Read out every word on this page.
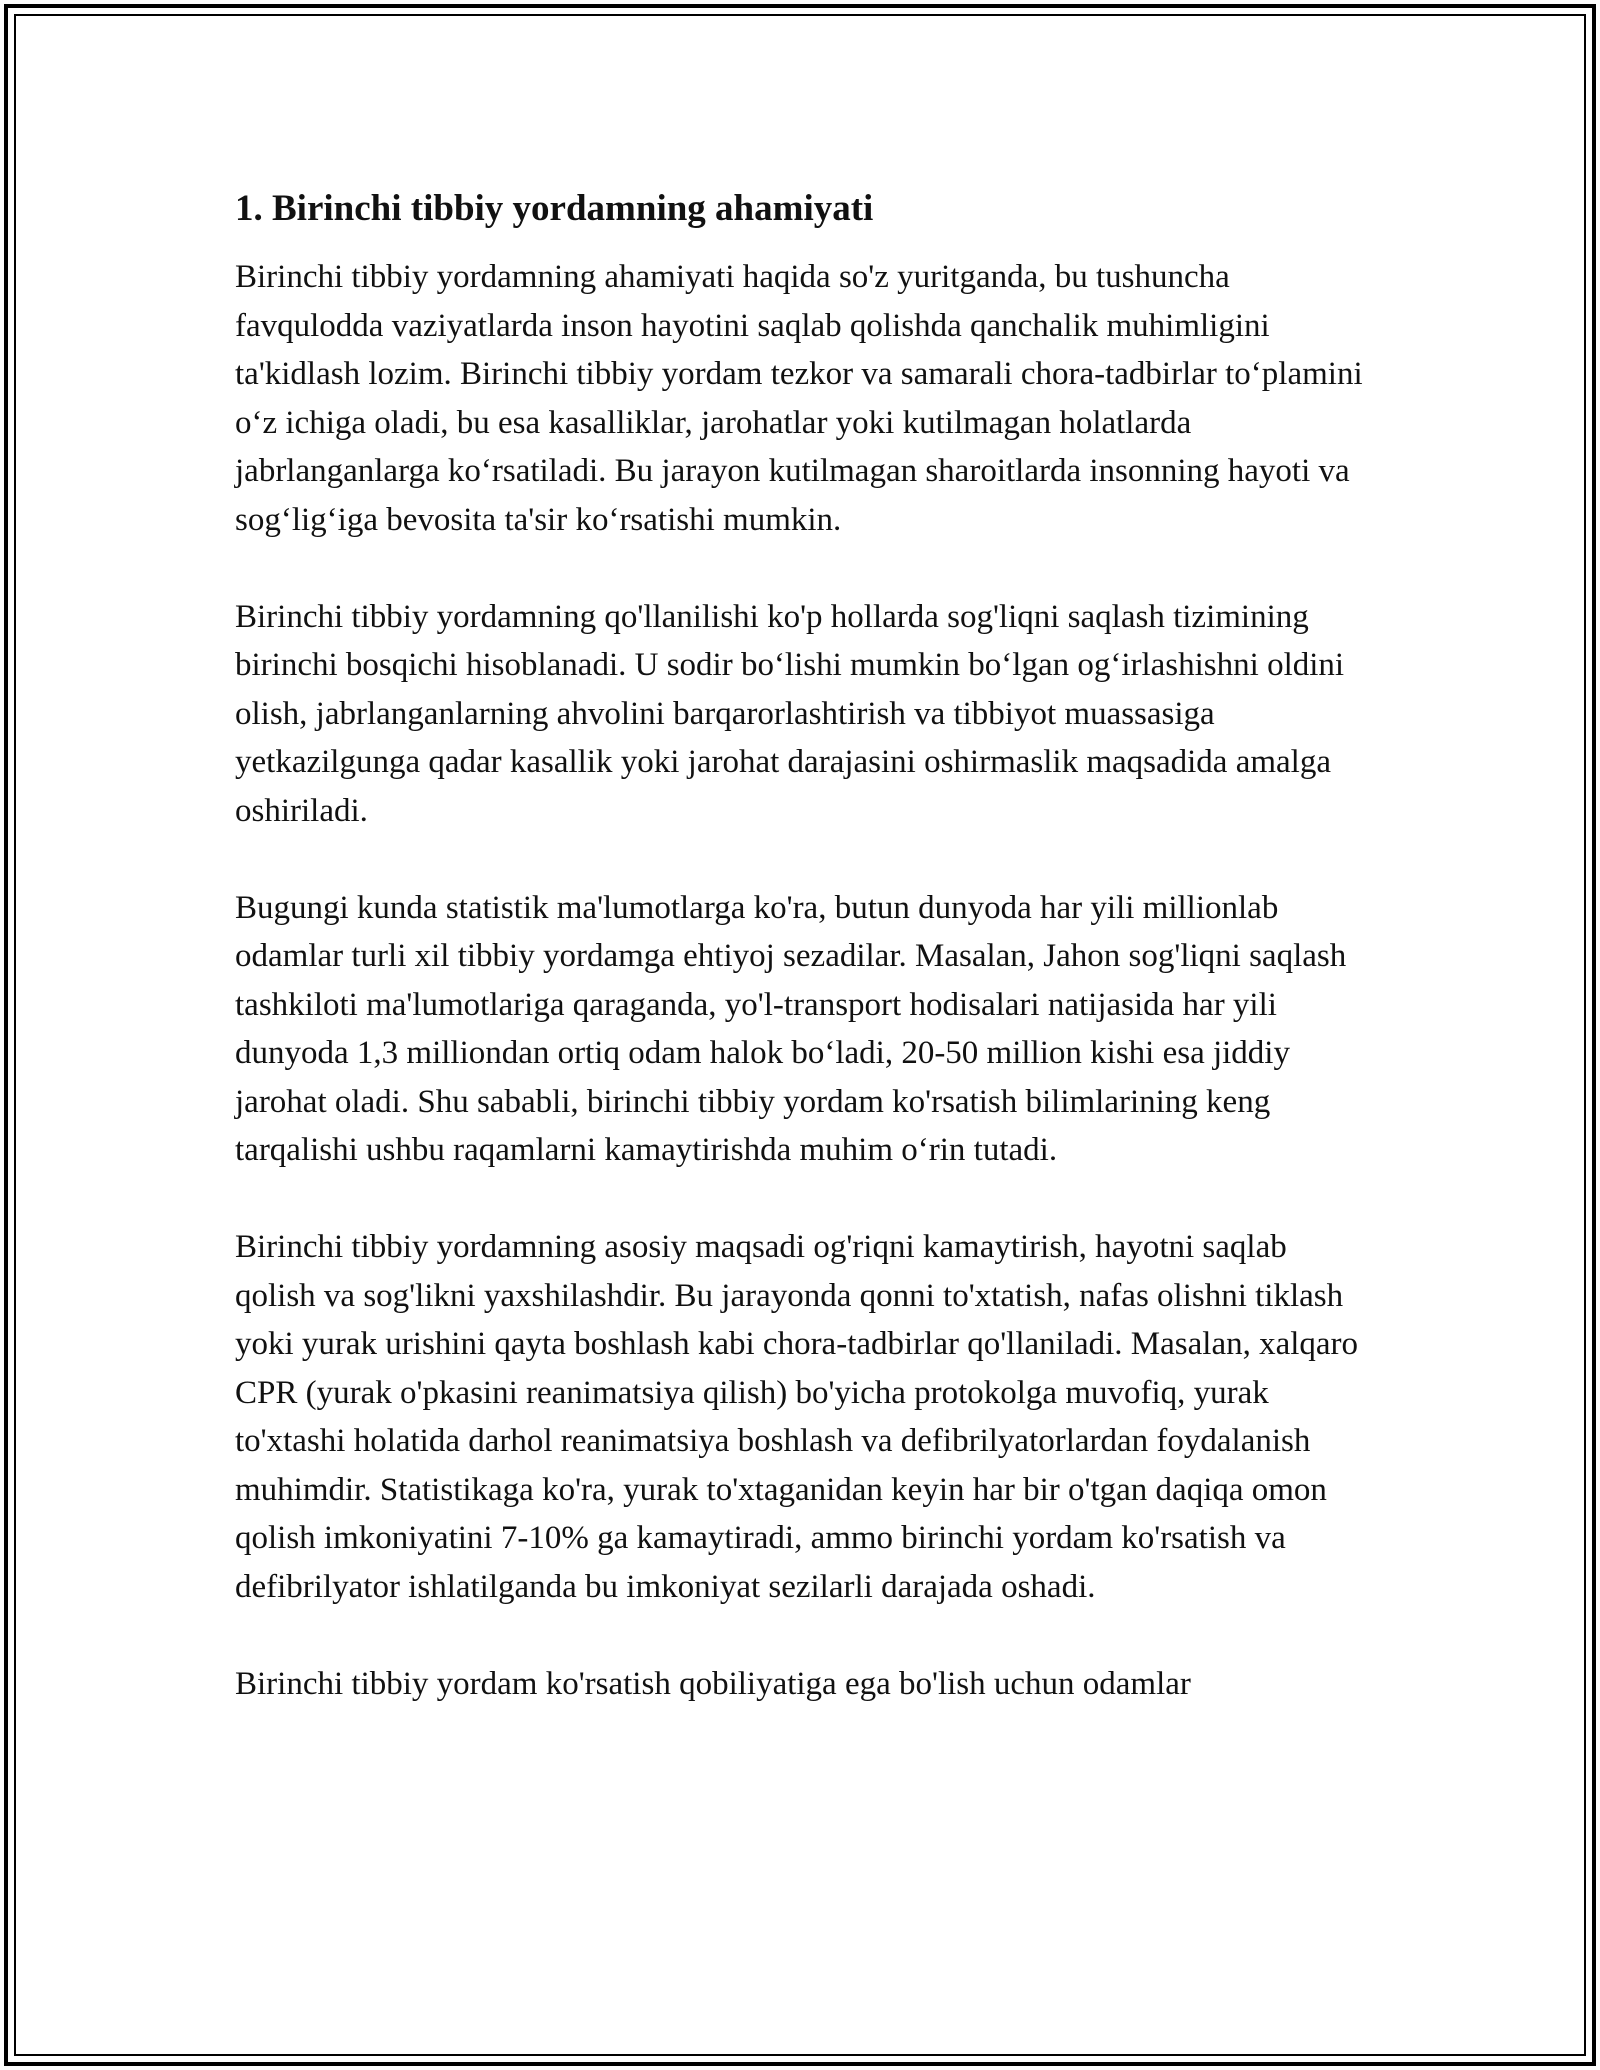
1. Birinchi tibbiy yordamning ahamiyati

Birinchi tibbiy yordamning ahamiyati haqida so'z yuritganda, bu tushuncha favqulodda vaziyatlarda inson hayotini saqlab qolishda qanchalik muhimligini ta'kidlash lozim. Birinchi tibbiy yordam tezkor va samarali chora-tadbirlar to‘plamini o‘z ichiga oladi, bu esa kasalliklar, jarohatlar yoki kutilmagan holatlarda jabrlanganlarga ko‘rsatiladi. Bu jarayon kutilmagan sharoitlarda insonning hayoti va sog‘lig‘iga bevosita ta'sir ko‘rsatishi mumkin.

Birinchi tibbiy yordamning qo'llanilishi ko'p hollarda sog'liqni saqlash tizimining birinchi bosqichi hisoblanadi. U sodir bo‘lishi mumkin bo‘lgan og‘irlashishni oldini olish, jabrlanganlarning ahvolini barqarorlashtirish va tibbiyot muassasiga yetkazilgunga qadar kasallik yoki jarohat darajasini oshirmaslik maqsadida amalga oshiriladi.

Bugungi kunda statistik ma'lumotlarga ko'ra, butun dunyoda har yili millionlab odamlar turli xil tibbiy yordamga ehtiyoj sezadilar. Masalan, Jahon sog'liqni saqlash tashkiloti ma'lumotlariga qaraganda, yo'l-transport hodisalari natijasida har yili dunyoda 1,3 milliondan ortiq odam halok bo‘ladi, 20-50 million kishi esa jiddiy jarohat oladi. Shu sababli, birinchi tibbiy yordam ko'rsatish bilimlarining keng tarqalishi ushbu raqamlarni kamaytirishda muhim o‘rin tutadi.

Birinchi tibbiy yordamning asosiy maqsadi og'riqni kamaytirish, hayotni saqlab qolish va sog'likni yaxshilashdir. Bu jarayonda qonni to'xtatish, nafas olishni tiklash yoki yurak urishini qayta boshlash kabi chora-tadbirlar qo'llaniladi. Masalan, xalqaro CPR (yurak o'pkasini reanimatsiya qilish) bo'yicha protokolga muvofiq, yurak to'xtashi holatida darhol reanimatsiya boshlash va defibrilyatorlardan foydalanish muhimdir. Statistikaga ko'ra, yurak to'xtaganidan keyin har bir o'tgan daqiqa omon qolish imkoniyatini 7-10% ga kamaytiradi, ammo birinchi yordam ko'rsatish va defibrilyator ishlatilganda bu imkoniyat sezilarli darajada oshadi.

Birinchi tibbiy yordam ko'rsatish qobiliyatiga ega bo'lish uchun odamlar
